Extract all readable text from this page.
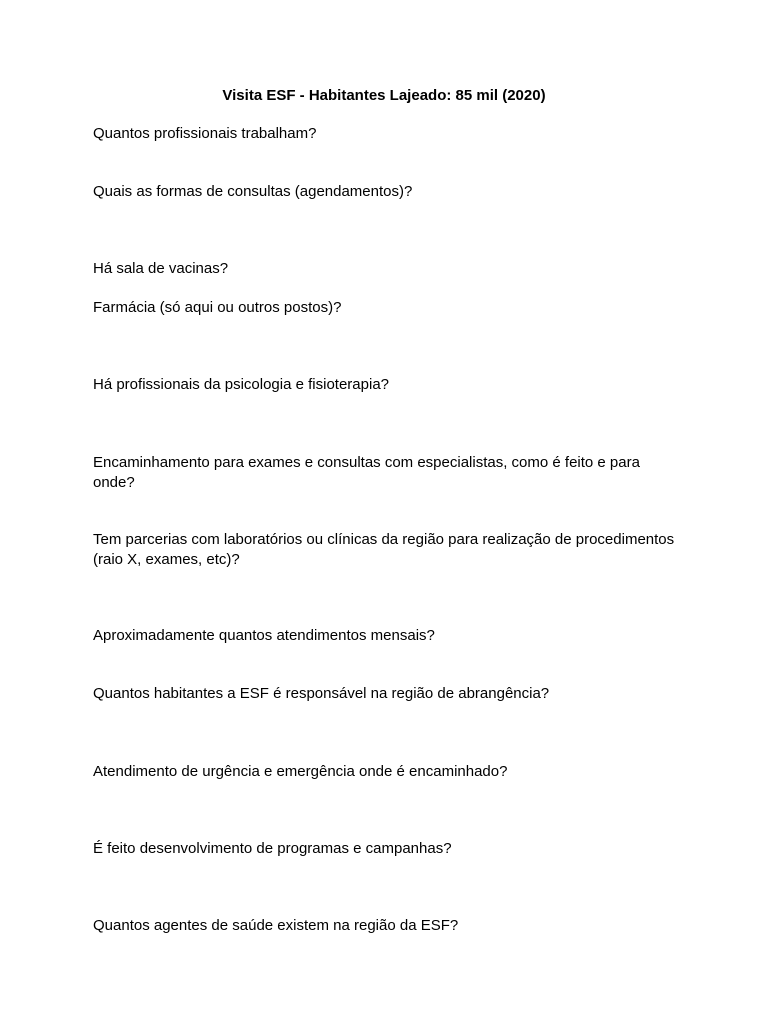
Visita ESF - Habitantes Lajeado: 85 mil (2020)

Quantos profissionais trabalham?

Quais as formas de consultas (agendamentos)?

Há sala de vacinas?

Farmácia (só aqui ou outros postos)?

Há profissionais da psicologia e fisioterapia?

Encaminhamento para exames e consultas com especialistas, como é feito e para onde?

Tem parcerias com laboratórios ou clínicas da região para realização de procedimentos (raio X, exames, etc)?

Aproximadamente quantos atendimentos mensais?

Quantos habitantes a ESF é responsável na região de abrangência?

Atendimento de urgência e emergência onde é encaminhado?

É feito desenvolvimento de programas e campanhas?

Quantos agentes de saúde existem na região da ESF?
